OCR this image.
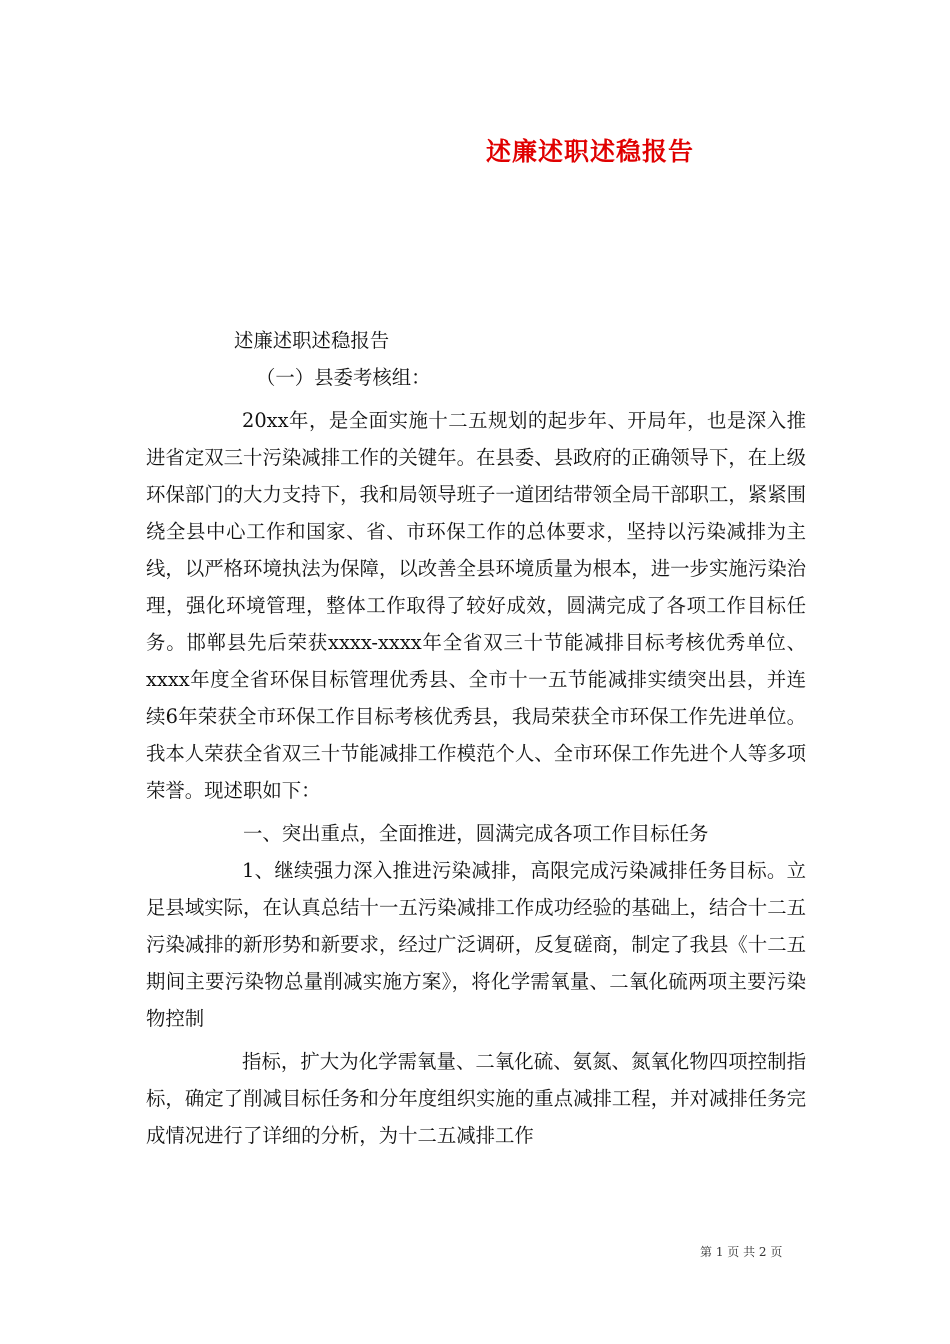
述廉述职述稳报告

述廉述职述稳报告

（一）县委考核组：

20xx年，是全面实施十二五规划的起步年、开局年，也是深入推进省定双三十污染减排工作的关键年。在县委、县政府的正确领导下，在上级环保部门的大力支持下，我和局领导班子一道团结带领全局干部职工，紧紧围绕全县中心工作和国家、省、市环保工作的总体要求，坚持以污染减排为主线，以严格环境执法为保障，以改善全县环境质量为根本，进一步实施污染治理，强化环境管理，整体工作取得了较好成效，圆满完成了各项工作目标任务。邯郸县先后荣获xxxx-xxxx年全省双三十节能减排目标考核优秀单位、xxxx年度全省环保目标管理优秀县、全市十一五节能减排实绩突出县，并连续6年荣获全市环保工作目标考核优秀县，我局荣获全市环保工作先进单位。我本人荣获全省双三十节能减排工作模范个人、全市环保工作先进个人等多项荣誉。现述职如下：

一、突出重点，全面推进，圆满完成各项工作目标任务

1、继续强力深入推进污染减排，高限完成污染减排任务目标。立足县域实际，在认真总结十一五污染减排工作成功经验的基础上，结合十二五污染减排的新形势和新要求，经过广泛调研，反复磋商，制定了我县《十二五期间主要污染物总量削减实施方案》，将化学需氧量、二氧化硫两项主要污染物控制

指标，扩大为化学需氧量、二氧化硫、氨氮、氮氧化物四项控制指标，确定了削减目标任务和分年度组织实施的重点减排工程，并对减排任务完成情况进行了详细的分析，为十二五减排工作

第 1 页 共 2 页
